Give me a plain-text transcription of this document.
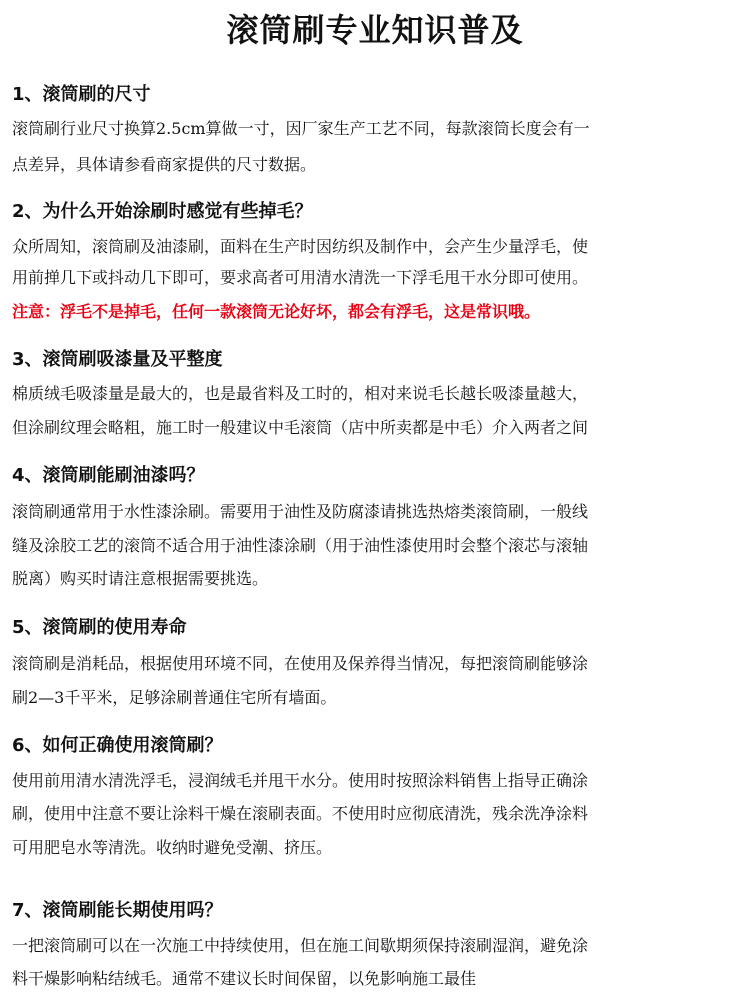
滚筒刷专业知识普及
1、滚筒刷的尺寸

滚筒刷行业尺寸换算2.5cm算做一寸，因厂家生产工艺不同，每款滚筒长度会有一

点差异，具体请参看商家提供的尺寸数据。

2、为什么开始涂刷时感觉有些掉毛？

众所周知，滚筒刷及油漆刷，面料在生产时因纺织及制作中，会产生少量浮毛，使

用前掸几下或抖动几下即可，要求高者可用清水清洗一下浮毛甩干水分即可使用。

注意：浮毛不是掉毛，任何一款滚筒无论好坏，都会有浮毛，这是常识哦。

3、滚筒刷吸漆量及平整度

棉质绒毛吸漆量是最大的，也是最省料及工时的，相对来说毛长越长吸漆量越大，

但涂刷纹理会略粗，施工时一般建议中毛滚筒（店中所卖都是中毛）介入两者之间

4、滚筒刷能刷油漆吗？

滚筒刷通常用于水性漆涂刷。需要用于油性及防腐漆请挑选热熔类滚筒刷，一般线

缝及涂胶工艺的滚筒不适合用于油性漆涂刷（用于油性漆使用时会整个滚芯与滚轴

脱离）购买时请注意根据需要挑选。

5、滚筒刷的使用寿命

滚筒刷是消耗品，根据使用环境不同，在使用及保养得当情况，每把滚筒刷能够涂

刷2—3千平米，足够涂刷普通住宅所有墙面。

6、如何正确使用滚筒刷？

使用前用清水清洗浮毛，浸润绒毛并甩干水分。使用时按照涂料销售上指导正确涂

刷，使用中注意不要让涂料干燥在滚刷表面。不使用时应彻底清洗，残余洗净涂料

可用肥皂水等清洗。收纳时避免受潮、挤压。

7、滚筒刷能长期使用吗？

一把滚筒刷可以在一次施工中持续使用，但在施工间歇期须保持滚刷湿润，避免涂

料干燥影响粘结绒毛。通常不建议长时间保留，以免影响施工最佳
